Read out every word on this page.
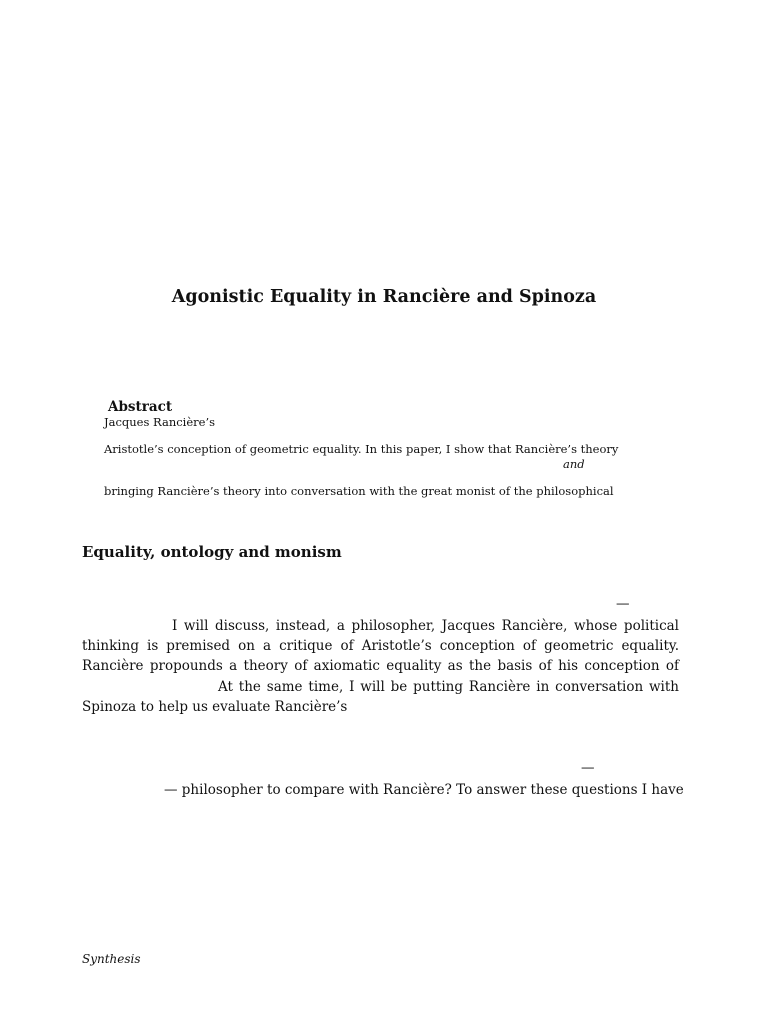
Agonistic Equality in Rancière and Spinoza
Abstract
Jacques Rancière’s
Aristotle’s conception of geometric equality. In this paper, I show that Rancière’s theory
and
bringing Rancière’s theory into conversation with the great monist of the philosophical
Equality, ontology and monism
—
I will discuss, instead, a philosopher, Jacques Rancière, whose political
thinking is premised on a critique of Aristotle’s conception of geometric equality.
Rancière propounds a theory of axiomatic equality as the basis of his conception of
At the same time, I will be putting Rancière in conversation with
Spinoza to help us evaluate Rancière’s
—
— philosopher to compare with Rancière? To answer these questions I have
Synthesis
